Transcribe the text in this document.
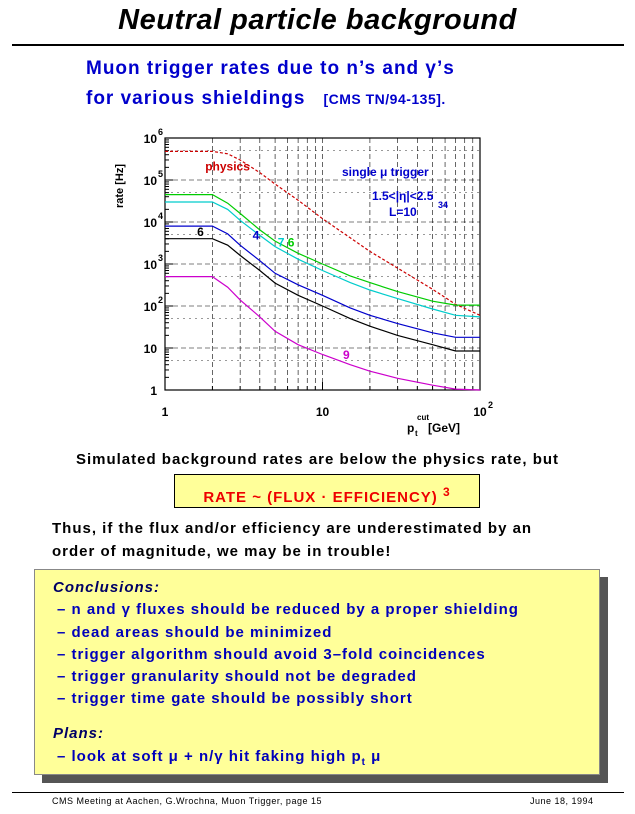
Neutral particle background
Muon trigger rates due to n’s and γ’s
for various shieldings [CMS TN/94-135].
1
10
10 2
10 3
10 4
10 5
10 6
1	10	10 2
rate [Hz]
p
cut
t [GeV]
physics
4
6
9
7 6
single μ trigger
1.5<|η|<2.5
L=10 34
Simulated background rates are below the physics rate, but
RATE ~ (FLUX · EFFICIENCY) $^3$
Thus, if the flux and/or efficiency are underestimated by an
order of magnitude, we may be in trouble!
Conclusions:
– n and γ fluxes should be reduced by a proper shielding
– dead areas should be minimized
– trigger algorithm should avoid 3–fold coincidences
– trigger granularity should not be degraded
– trigger time gate should be possibly short
Plans:
– look at soft μ + n/γ hit faking high $p_t$ μ
CMS Meeting at Aachen, G.Wrochna, Muon Trigger, page 15	June 18, 1994
